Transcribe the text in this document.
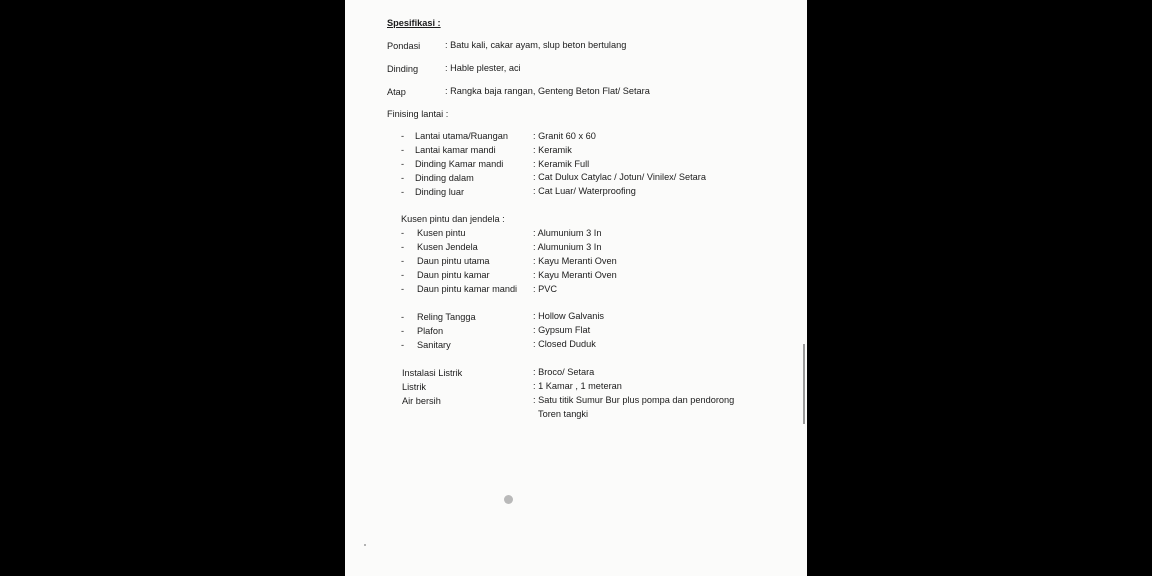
Spesifikasi :
Pondasi	: Batu kali, cakar ayam, slup beton bertulang
Dinding	: Hable plester, aci
Atap	: Rangka baja rangan, Genteng Beton Flat/ Setara
Finising lantai :
- Lantai utama/Ruangan	: Granit 60 x 60
- Lantai kamar mandi	: Keramik
- Dinding Kamar mandi	: Keramik Full
- Dinding dalam	: Cat Dulux Catylac / Jotun/ Vinilex/ Setara
- Dinding luar	: Cat Luar/ Waterproofing
Kusen pintu dan jendela :
- Kusen pintu	: Alumunium 3 In
- Kusen Jendela	: Alumunium 3 In
- Daun pintu utama	: Kayu Meranti Oven
- Daun pintu kamar	: Kayu Meranti Oven
- Daun pintu kamar mandi : PVC
- Reling Tangga	: Hollow Galvanis
- Plafon	: Gypsum Flat
- Sanitary	: Closed Duduk
Instalasi Listrik	: Broco/ Setara
Listrik	: 1 Kamar , 1 meteran
Air bersih	: Satu titik Sumur Bur plus pompa dan pendorong
Toren tangki
